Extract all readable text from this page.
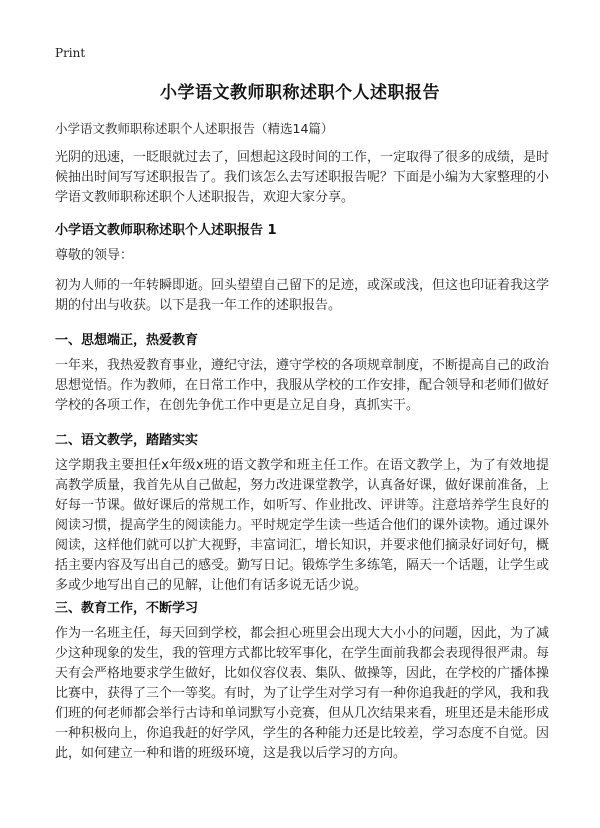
Print
小学语文教师职称述职个人述职报告
小学语文教师职称述职个人述职报告（精选14篇）

光阴的迅速，一眨眼就过去了，回想起这段时间的工作，一定取得了很多的成绩，是时候抽出时间写写述职报告了。我们该怎么去写述职报告呢？下面是小编为大家整理的小学语文教师职称述职个人述职报告，欢迎大家分享。

小学语文教师职称述职个人述职报告 1

尊敬的领导：

初为人师的一年转瞬即逝。回头望望自己留下的足迹，或深或浅，但这也印证着我这学期的付出与收获。以下是我一年工作的述职报告。

一、思想端正，热爱教育

一年来，我热爱教育事业，遵纪守法，遵守学校的各项规章制度，不断提高自己的政治思想觉悟。作为教师，在日常工作中，我服从学校的工作安排，配合领导和老师们做好学校的各项工作，在创先争优工作中更是立足自身，真抓实干。

二、语文教学，踏踏实实

这学期我主要担任x年级x班的语文教学和班主任工作。在语文教学上，为了有效地提高教学质量，我首先从自己做起，努力改进课堂教学，认真备好课，做好课前准备，上好每一节课。做好课后的常规工作，如听写、作业批改、评讲等。注意培养学生良好的阅读习惯，提高学生的阅读能力。平时规定学生读一些适合他们的课外读物。通过课外阅读，这样他们就可以扩大视野，丰富词汇，增长知识，并要求他们摘录好词好句，概括主要内容及写出自己的感受。勤写日记。锻炼学生多练笔，隔天一个话题，让学生或多或少地写出自己的见解，让他们有话多说无话少说。

三、教育工作，不断学习

作为一名班主任，每天回到学校，都会担心班里会出现大大小小的问题，因此，为了减少这种现象的发生，我的管理方式都比较军事化，在学生面前我都会表现得很严肃。每天有会严格地要求学生做好，比如仪容仪表、集队、做操等，因此，在学校的广播体操比赛中，获得了三个一等奖。有时，为了让学生对学习有一种你追我赶的学风，我和我们班的何老师都会举行古诗和单词默写小竞赛，但从几次结果来看，班里还是未能形成一种积极向上，你追我赶的好学风，学生的各种能力还是比较差，学习态度不自觉。因此，如何建立一种和谐的班级环境，这是我以后学习的方向。
